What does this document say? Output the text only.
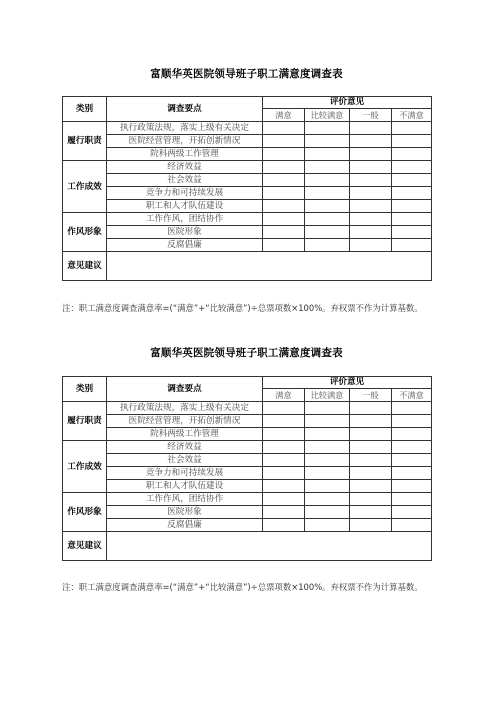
富顺华英医院领导班子职工满意度调查表
类别	调查要点	评价意见			
		满意	比较满意	一般	不满意
履行职责	执行政策法规，落实上级有关决定				
	医院经营管理，开拓创新情况				
	院科两级工作管理				
工作成效	经济效益				
	社会效益				
	竞争力和可持续发展				
	职工和人才队伍建设				
作风形象	工作作风，团结协作				
	医院形象				
	反腐倡廉				
意见建议					
注：职工满意度调查满意率=(“满意”+“比较满意”)÷总票项数×100%。弃权票不作为计算基数。
富顺华英医院领导班子职工满意度调查表
类别	调查要点	评价意见			
		满意	比较满意	一般	不满意
履行职责	执行政策法规，落实上级有关决定				
	医院经营管理，开拓创新情况				
	院科两级工作管理				
工作成效	经济效益				
	社会效益				
	竞争力和可持续发展				
	职工和人才队伍建设				
作风形象	工作作风，团结协作				
	医院形象				
	反腐倡廉				
意见建议					
注：职工满意度调查满意率=(“满意”+“比较满意”)÷总票项数×100%。弃权票不作为计算基数。
